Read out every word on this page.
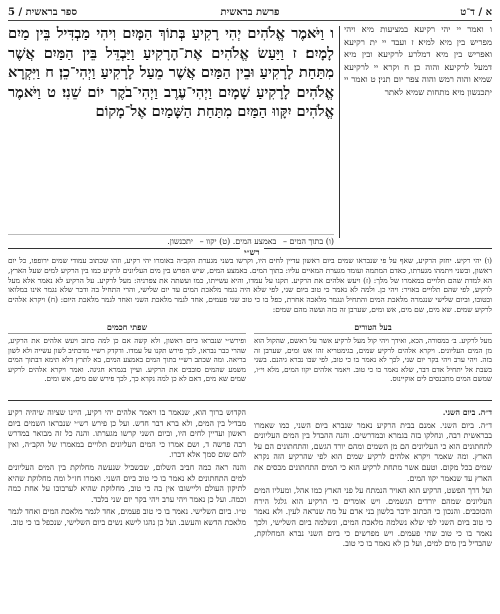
א / ד־ט
פרשת בראשית
ספר בראשית / 5

ו ואמר יי יהי רקיעא במציעות מיא ויהי מפריש בין מיא למיא׃ ז ועבד יי ית רקיעא ואפריש בין מיא דמלרע לרקיעא ובין מיא דמעל לרקיעא והוה כן׃ ח וקרא יי לרקיעא שמיא והוה רמש והוה צפר יום תנין׃ ט ואמר יי יתכנשון מיא מתחות שמיא לאתר

ו וַיֹּאמֶר אֱלֹהִים יְהִי רָקִיעַ בְּתוֹךְ הַמָּיִם וִיהִי מַבְדִּיל בֵּין מַיִם לָמָיִם׃ ז וַיַּעַשׂ אֱלֹהִים אֶת־הָרָקִיעַ וַיַּבְדֵּל בֵּין הַמַּיִם אֲשֶׁר מִתַּחַת לָרָקִיעַ וּבֵין הַמַּיִם אֲשֶׁר מֵעַל לָרָקִיעַ וַיְהִי־כֵן׃ ח וַיִּקְרָא אֱלֹהִים לָרָקִיעַ שָׁמָיִם וַיְהִי־עֶרֶב וַיְהִי־בֹקֶר יוֹם שֵׁנִי׃ ט וַיֹּאמֶר אֱלֹהִים יִקָּווּ הַמַּיִם מִתַּחַת הַשָּׁמַיִם אֶל־מָקוֹם

(ו) בתוך המים – באמצע המים. (ט) יקוו – יתכנשון.
רש״י

(ו) יהי רקיע. יחזק הרקיע, שאף על פי שנבראו שמים ביום ראשון עדיין לחים היו, וקרשו בשני מגערת הקב״ה באומרו יהי רקיע, וזהו שכתוב עמודי שמים ירופפו, כל יום ראשון, ובשני ויתמהו מגערתו, כאדם המתמה ועומד מגערת המאיים עליו: בתוך המים. באמצע המים, שיש הפרש בין מים העליונים לרקיע כמו בין הרקיע למים שעל הארץ, הא למדת שהם תלויים במאמרו של מלך: (ז) ויעש אלהים את הרקיע. תקנו על עמדו, והיא עשייתו, כמו ועשתה את צפרניה: מעל לרקיע. על הרקיע לא נאמר אלא מעל לרקיע, לפי שהם תלויים באויר: ויהי כן. ולמה לא נאמר כי טוב ביום שני, לפי שלא היה נגמר מלאכת המים עד יום שלישי, והרי התחיל בה ודבר שלא נגמר אינו במלואו ובטובו, וביום שלישי שנגמרה מלאכת המים והתחיל ונגמר מלאכה אחרת, כפל בו כי טוב שני פעמים, אחד לגמר מלאכת השני ואחד לגמר מלאכת היום: (ח) ויקרא אלהים לרקיע שמים. שא מים, שם מים, אש ומים, שערבן זה בזה ועשה מהם שמים:

בעל הטורים
שפתי חכמים
מעל לרקיע. ב׳ במסורה, הכא, ואידך ויהי קול מעל לרקיע אשר על ראשם, שהקול הוא מן המים העליונים. ויקרא אלהים לרקיע שמים, בגימטריא זהו אש ומים, שערבן זה בזה. ויהי ערב ויהי בקר יום שני, לכך לא נאמר בו כי טוב, לפי שבו נברא גיהנם. בשני בשבת אל יתחיל אדם דבר, שלא נאמר בו כי טוב. ויאמר אלהים יקוו המים, מלא וי״ו, שמשם המים מתכנסים לים אוקיינוס.
ופירש״י שנבראו ביום ראשון, ולא קשה אם כן למה כתוב ויעש אלהים את הרקיע, שהרי כבר נבראו, לכך פירש תקנו על עמדו. ודקדק רש״י מדכתיב לשון עשייה ולא לשון בריאה. ומה שכתב רש״י בתוך המים באמצע המים, בא לתרץ דלא תימא דבתוך המים משמע שהמים סובבים את הרקיע. ועיין בגמרא חגיגה. ואמר ויקרא אלהים לרקיע שמים שא מים, דאם לא כן למה נקרא כך, לכך פירש שם מים, אש ומים.

ד״ה. ביום השני.

ד״ה. ביום השני. אמנם בבית הרקיע נאמר שנברא ביום השני, כמו שאמרו בבראשית רבה, ונחלקו בזה בגמרא ובמדרשים. והנה ההבדל בין המים העליונים לתחתונים הוא כי העליונים הם מן השמים ומהם יורד הגשם, והתחתונים הם על הארץ. ומה שאמר ויקרא אלהים לרקיע שמים הוא לפי שהרקיע הזה נקרא שמים בכל מקום. וטעם אשר מתחת לרקיע הוא כי המים התחתונים מכסים את הארץ עד שנאמר יקוו המים.

ועל דרך הפשט, הרקיע הוא האויר הנמתח על פני הארץ כמו אהל, ומעליו המים העליונים שמהם יורדים הגשמים. ויש אומרים כי הרקיע הוא גלגל הירח והכוכבים. והנכון כי הכתוב ידבר בלשון בני אדם על מה שנראה לעין. ולא נאמר כי טוב ביום השני לפי שלא נשלמה מלאכת המים, ונשלמה ביום השלישי, ולכך נאמר בו כי טוב שתי פעמים. ויש מפרשים כי ביום השני נברא המחלוקת, שהבדיל בין מים למים, ועל כן לא נאמר בו כי טוב.

הקדוש ברוך הוא, שנאמר בו ויאמר אלהים יהי רקיע, היינו שציוה שיהיה רקיע מבדיל בין המים, ולא ברא דבר חדש. ועל כן פירש רש״י שנבראו השמים ביום ראשון ועדיין לחים היו, וביום השני קרשו מגערתו. והנה כל זה מבואר במדרש רבה פרשה ד, ושם אמרו כי המים העליונים תלויים במאמרו של הקב״ה, ואין להם שום סמך אלא דברו.

והנה ראה כמה חביב השלום, שבשביל שנעשה מחלוקת בין המים העליונים למים התחתונים לא נאמר בו כי טוב ביום השני. ואמרו חז״ל ומה מחלוקת שהיא לתיקון העולם וליישובו אין בה כי טוב, מחלוקת שהיא לערבובו על אחת כמה וכמה. ועל כן נאמר ויהי ערב ויהי בקר יום שני בלבד.

ט״ו. ביום השלישי. נאמר בו כי טוב פעמים, אחד לגמר מלאכת המים ואחד לגמר מלאכת הדשא והעשב. ועל כן נהגו לישא נשים ביום השלישי, שנכפל בו כי טוב.
